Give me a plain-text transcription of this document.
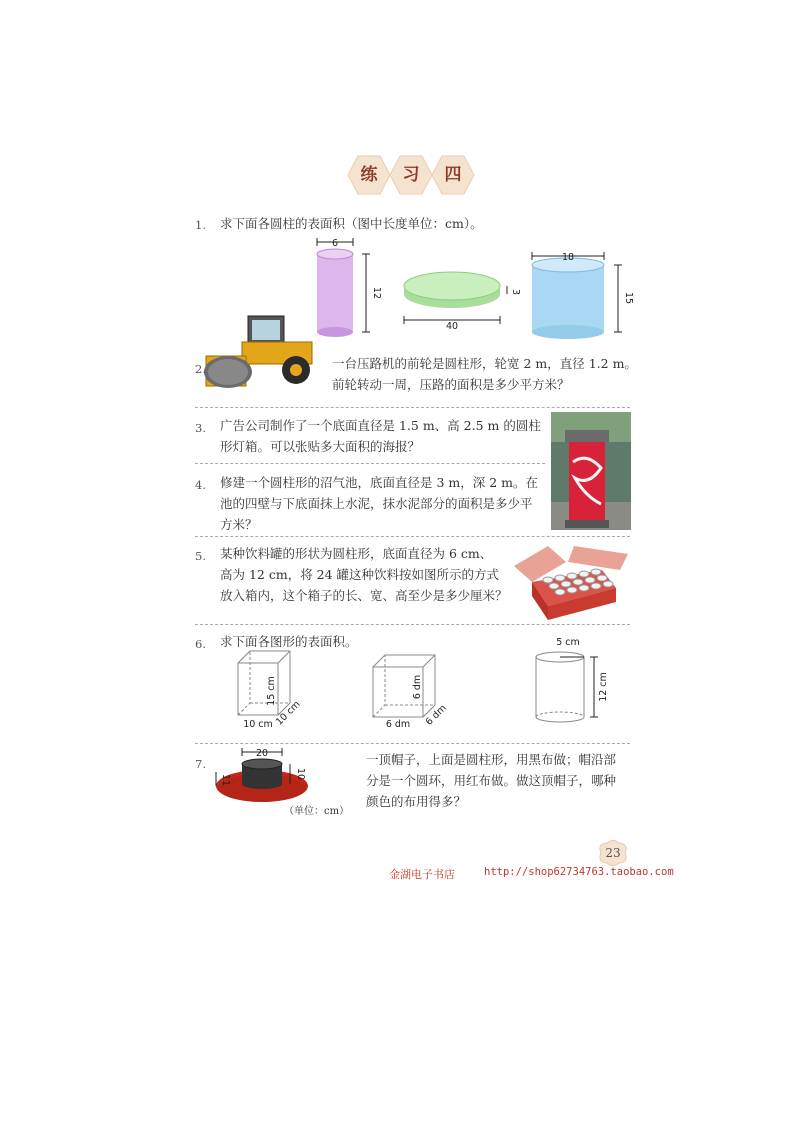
练	习	四
1. 求下面各圆柱的表面积（图中长度单位：cm）。
6
12
40
3
18
15
2.	一台压路机的前轮是圆柱形，轮宽 2 m，直径 1.2 m。
前轮转动一周，压路的面积是多少平方米？
3. 广告公司制作了一个底面直径是 1.5 m、高 2.5 m 的圆柱
形灯箱。可以张贴多大面积的海报？
4. 修建一个圆柱形的沼气池，底面直径是 3 m，深 2 m。在
池的四壁与下底面抹上水泥，抹水泥部分的面积是多少平
方米？
5. 某种饮料罐的形状为圆柱形，底面直径为 6 cm、
高为 12 cm，将 24 罐这种饮料按如图所示的方式
放入箱内，这个箱子的长、宽、高至少是多少厘米？
6. 求下面各图形的表面积。
15 cm
10 cm 10 cm
6 dm
6 dm 6 dm
5 cm
12 cm
7.
20
10
11
（单位：cm）
一顶帽子，上面是圆柱形，用黑布做；帽沿部
分是一个圆环，用红布做。做这顶帽子，哪种
颜色的布用得多？
23
金湖电子书店	http://shop62734763.taobao.com
